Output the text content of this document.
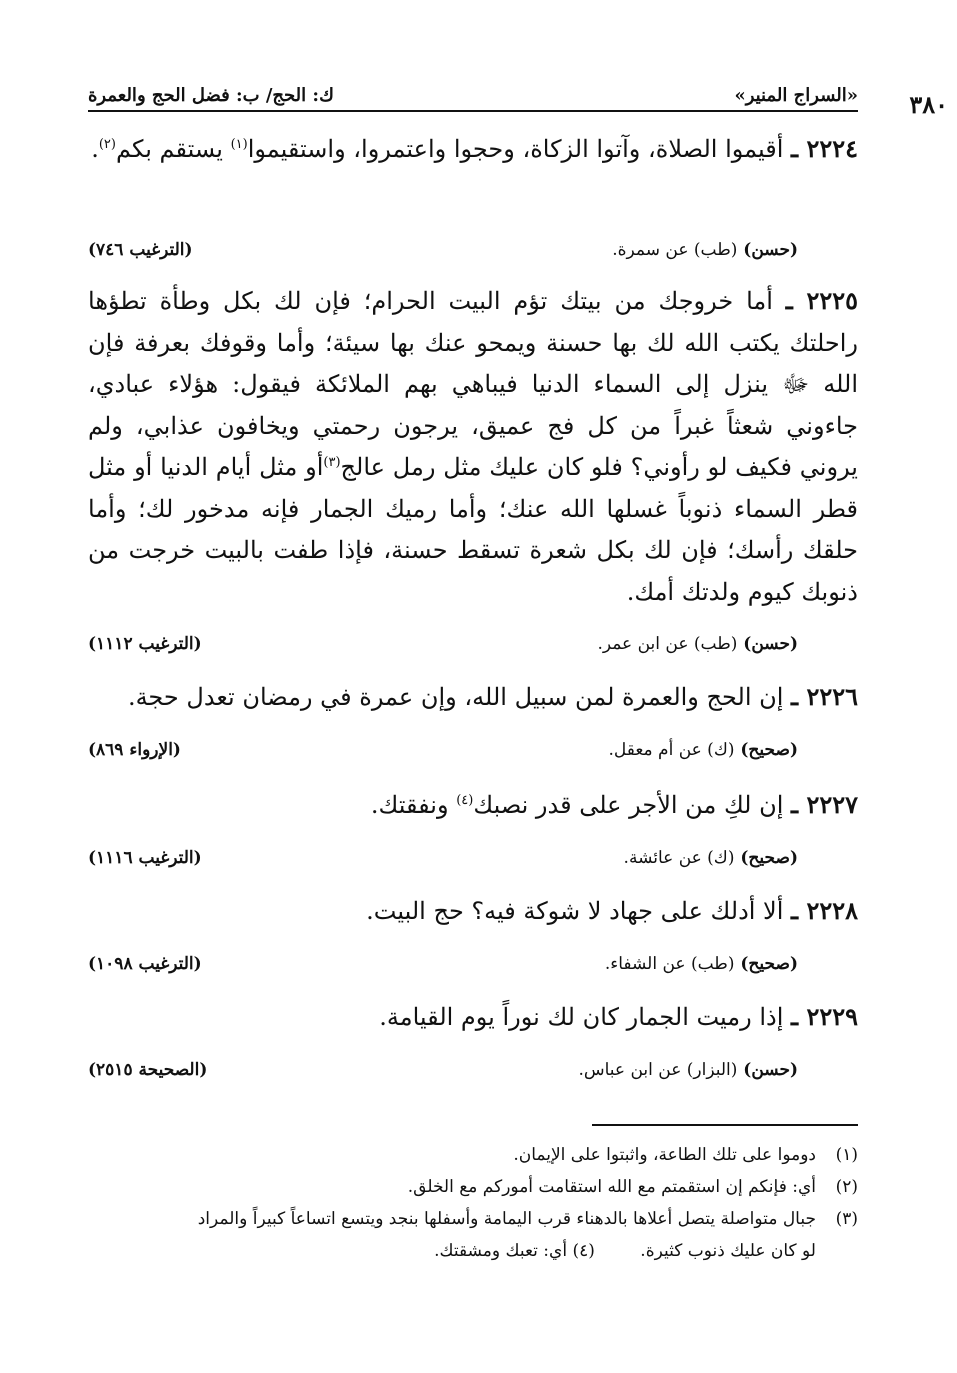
«السراج المنير»
ك: الحج/ ب: فضل الحج والعمرة	٣٨٠

٢٢٢٤ ـ أقيموا الصلاة، وآتوا الزكاة، وحجوا واعتمروا، واستقيموا$^{(١)}$ يستقم بكم$^{(٢)}$.

(حسن) (طب) عن سمرة.
(الترغيب ٧٤٦)

٢٢٢٥ ـ أما خروجك من بيتك تؤم البيت الحرام؛ فإن لك بكل وطأة تطؤها راحلتك يكتب الله لك بها حسنة ويمحو عنك بها سيئة؛ وأما وقوفك بعرفة فإن الله ﷻ ينزل إلى السماء الدنيا فيباهي بهم الملائكة فيقول: هؤلاء عبادي، جاءوني شعثاً غبراً من كل فج عميق، يرجون رحمتي ويخافون عذابي، ولم يروني فكيف لو رأوني؟ فلو كان عليك مثل رمل عالج$^{(٣)}$أو مثل أيام الدنيا أو مثل قطر السماء ذنوباً غسلها الله عنك؛ وأما رميك الجمار فإنه مدخور لك؛ وأما حلقك رأسك؛ فإن لك بكل شعرة تسقط حسنة، فإذا طفت بالبيت خرجت من ذنوبك كيوم ولدتك أمك.

(حسن) (طب) عن ابن عمر.
(الترغيب ١١١٢)

٢٢٢٦ ـ إن الحج والعمرة لمن سبيل الله، وإن عمرة في رمضان تعدل حجة.

(صحيح) (ك) عن أم معقل.
(الإرواء ٨٦٩)

٢٢٢٧ ـ إن لكِ من الأجر على قدر نصبك$^{(٤)}$ ونفقتك.

(صحيح) (ك) عن عائشة.
(الترغيب ١١١٦)

٢٢٢٨ ـ ألا أدلك على جهاد لا شوكة فيه؟ حج البيت.

(صحيح) (طب) عن الشفاء.
(الترغيب ١٠٩٨)

٢٢٢٩ ـ إذا رميت الجمار كان لك نوراً يوم القيامة.

(حسن) (البزار) عن ابن عباس.
(الصحيحة ٢٥١٥)
(١)دوموا على تلك الطاعة، واثبتوا على الإيمان.
(٢)أي: فإنكم إن استقمتم مع الله استقامت أموركم مع الخلق.
(٣)جبال متواصلة يتصل أعلاها بالدهناء قرب اليمامة وأسفلها بنجد ويتسع اتساعاً كبيراً والمراد
لو كان عليك ذنوب كثيرة. (٤) أي: تعبك ومشقتك.
